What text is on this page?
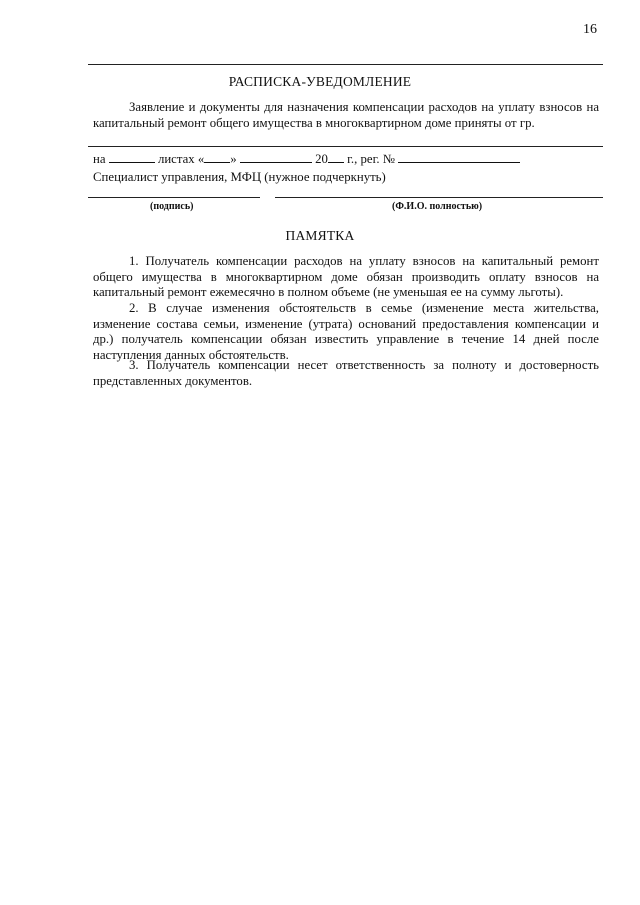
16
РАСПИСКА-УВЕДОМЛЕНИЕ
Заявление и документы для назначения компенсации расходов на уплату взносов на капитальный ремонт общего имущества в многоквартирном доме приняты от гр.
на	листах « »	20 г., рег. №
Специалист управления, МФЦ (нужное подчеркнуть)
(подпись)	(Ф.И.О. полностью)
ПАМЯТКА
1. Получатель компенсации расходов на уплату взносов на капитальный ремонт общего имущества в многоквартирном доме обязан производить оплату взносов на капитальный ремонт ежемесячно в полном объеме (не уменьшая ее на сумму льготы).
2. В случае изменения обстоятельств в семье (изменение места жительства, изменение состава семьи, изменение (утрата) оснований предоставления компенсации и др.) получатель компенсации обязан известить управление в течение 14 дней после наступления данных обстоятельств.
3. Получатель компенсации несет ответственность за полноту и достоверность представленных документов.
